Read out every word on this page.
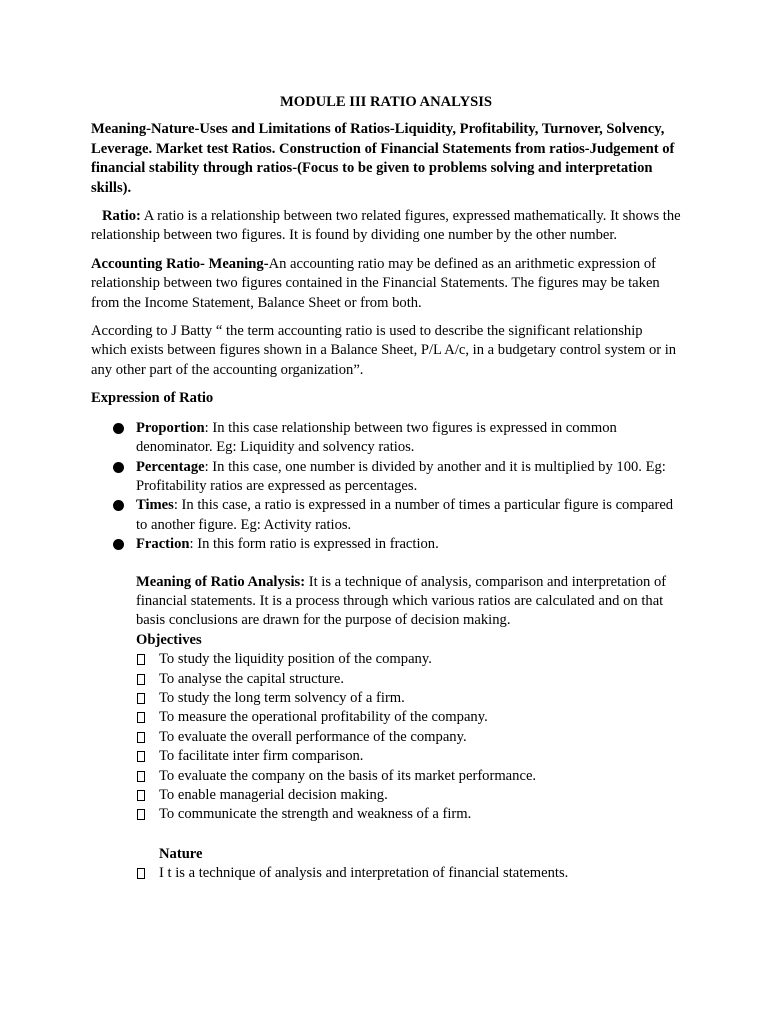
MODULE III RATIO ANALYSIS

Meaning-Nature-Uses and Limitations of Ratios-Liquidity, Profitability, Turnover, Solvency, Leverage. Market test Ratios. Construction of Financial Statements from ratios-Judgement of financial stability through ratios-(Focus to be given to problems solving and interpretation skills).

Ratio: A ratio is a relationship between two related figures, expressed mathematically. It shows the relationship between two figures. It is found by dividing one number by the other number.

Accounting Ratio- Meaning-An accounting ratio may be defined as an arithmetic expression of relationship between two figures contained in the Financial Statements. The figures may be taken from the Income Statement, Balance Sheet or from both.

According to J Batty “ the term accounting ratio is used to describe the significant relationship which exists between figures shown in a Balance Sheet, P/L A/c, in a budgetary control system or in any other part of the accounting organization”.

Expression of Ratio

Proportion: In this case relationship between two figures is expressed in common denominator. Eg: Liquidity and solvency ratios.
Percentage: In this case, one number is divided by another and it is multiplied by 100. Eg: Profitability ratios are expressed as percentages.
Times: In this case, a ratio is expressed in a number of times a particular figure is compared to another figure. Eg: Activity ratios.
Fraction: In this form ratio is expressed in fraction.

Meaning of Ratio Analysis: It is a technique of analysis, comparison and interpretation of financial statements. It is a process through which various ratios are calculated and on that basis conclusions are drawn for the purpose of decision making.

Objectives

To study the liquidity position of the company.
To analyse the capital structure.
To study the long term solvency of a firm.
To measure the operational profitability of the company.
To evaluate the overall performance of the company.
To facilitate inter firm comparison.
To evaluate the company on the basis of its market performance.
To enable managerial decision making.
To communicate the strength and weakness of a firm.

Nature

I t is a technique of analysis and interpretation of financial statements.
